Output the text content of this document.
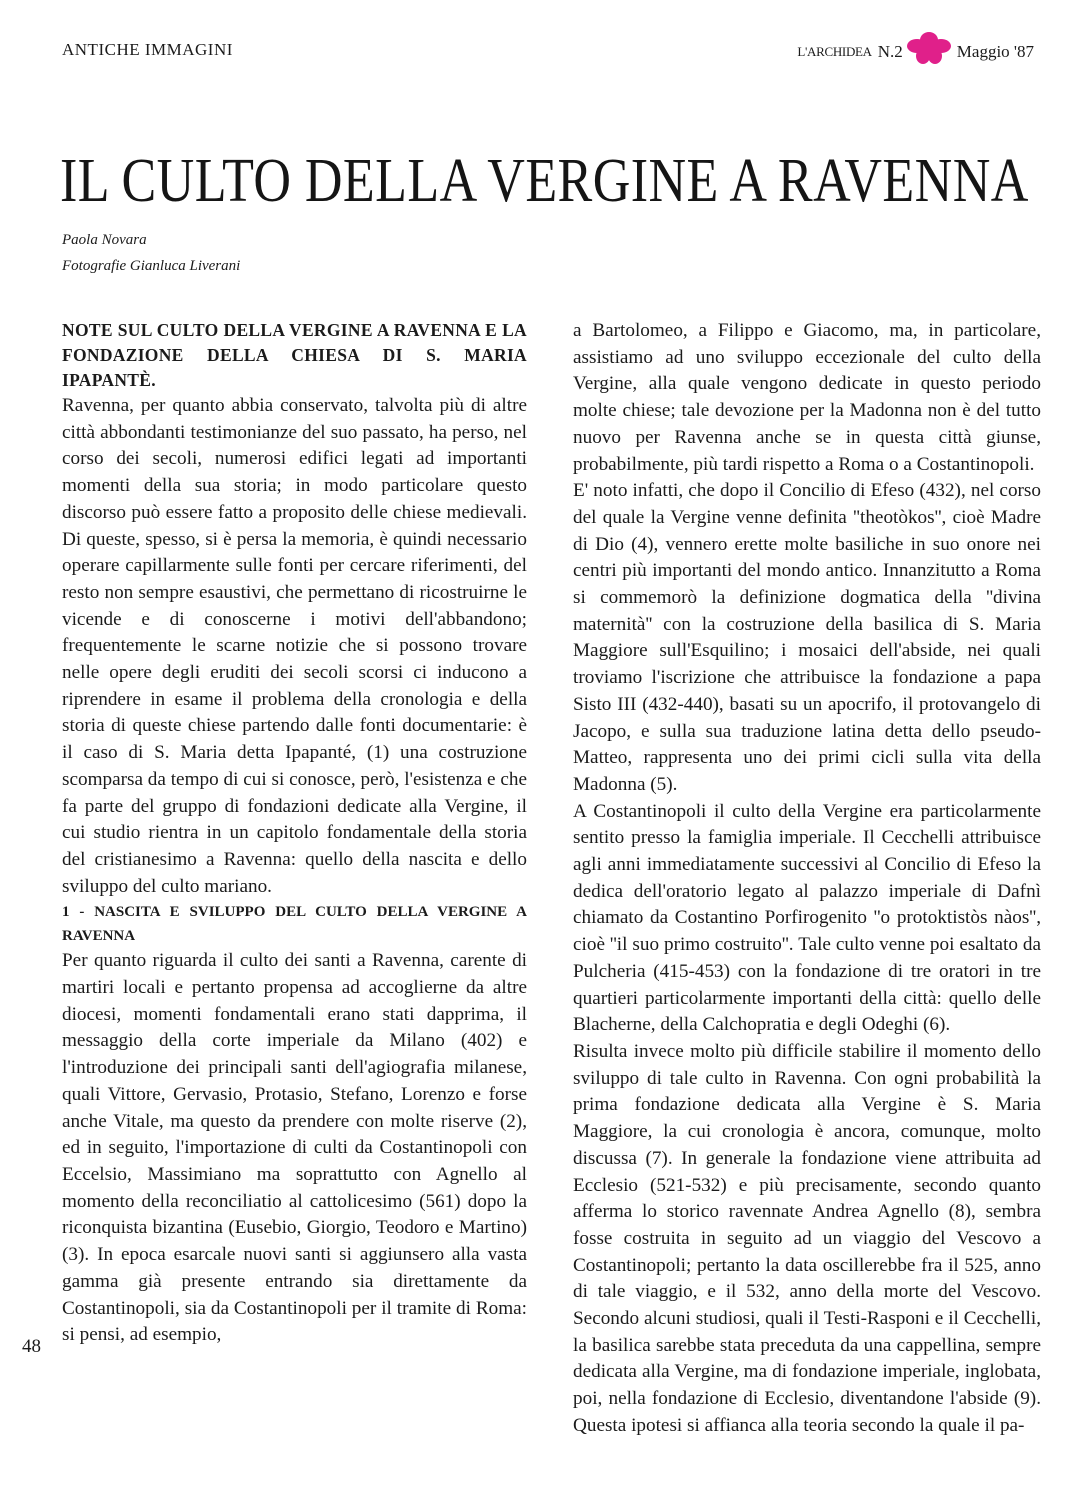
ANTICHE IMMAGINI	L'ARCHIDEA N.2	Maggio '87
IL CULTO DELLA VERGINE A RAVENNA
Paola Novara
Fotografie Gianluca Liverani

NOTE SUL CULTO DELLA VERGINE A RAVENNA E LA FONDAZIONE DELLA CHIESA DI S. MARIA IPAPANTÈ.

Ravenna, per quanto abbia conservato, talvolta più di altre città abbondanti testimonianze del suo passato, ha perso, nel corso dei secoli, numerosi edifici legati ad importanti momenti della sua storia; in modo particolare questo discorso può essere fatto a proposito delle chiese medievali. Di queste, spesso, si è persa la memoria, è quindi necessario operare capillarmente sulle fonti per cercare riferimenti, del resto non sempre esaustivi, che permettano di ricostruirne le vicende e di conoscerne i motivi dell'abbandono; frequentemente le scarne notizie che si possono trovare nelle opere degli eruditi dei secoli scorsi ci inducono a riprendere in esame il problema della cronologia e della storia di queste chiese partendo dalle fonti documentarie: è il caso di S. Maria detta Ipapanté, (1) una costruzione scomparsa da tempo di cui si conosce, però, l'esistenza e che fa parte del gruppo di fondazioni dedicate alla Vergine, il cui studio rientra in un capitolo fondamentale della storia del cristianesimo a Ravenna: quello della nascita e dello sviluppo del culto mariano.

1 - NASCITA E SVILUPPO DEL CULTO DELLA VERGINE A RAVENNA

Per quanto riguarda il culto dei santi a Ravenna, carente di martiri locali e pertanto propensa ad accoglierne da altre diocesi, momenti fondamentali erano stati dapprima, il messaggio della corte imperiale da Milano (402) e l'introduzione dei principali santi dell'agiografia milanese, quali Vittore, Gervasio, Protasio, Stefano, Lorenzo e forse anche Vitale, ma questo da prendere con molte riserve (2), ed in seguito, l'importazione di culti da Costantinopoli con Eccelsio, Massimiano ma soprattutto con Agnello al momento della reconciliatio al cattolicesimo (561) dopo la riconquista bizantina (Eusebio, Giorgio, Teodoro e Martino) (3). In epoca esarcale nuovi santi si aggiunsero alla vasta gamma già presente entrando sia direttamente da Costantinopoli, sia da Costantinopoli per il tramite di Roma: si pensi, ad esempio,

a Bartolomeo, a Filippo e Giacomo, ma, in particolare, assistiamo ad uno sviluppo eccezionale del culto della Vergine, alla quale vengono dedicate in questo periodo molte chiese; tale devozione per la Madonna non è del tutto nuovo per Ravenna anche se in questa città giunse, probabilmente, più tardi rispetto a Roma o a Costantinopoli.

E' noto infatti, che dopo il Concilio di Efeso (432), nel corso del quale la Vergine venne definita ''theotòkos'', cioè Madre di Dio (4), vennero erette molte basiliche in suo onore nei centri più importanti del mondo antico. Innanzitutto a Roma si commemorò la definizione dogmatica della ''divina maternità'' con la costruzione della basilica di S. Maria Maggiore sull'Esquilino; i mosaici dell'abside, nei quali troviamo l'iscrizione che attribuisce la fondazione a papa Sisto III (432-440), basati su un apocrifo, il protovangelo di Jacopo, e sulla sua traduzione latina detta dello pseudo-Matteo, rappresenta uno dei primi cicli sulla vita della Madonna (5).

A Costantinopoli il culto della Vergine era particolarmente sentito presso la famiglia imperiale. Il Cecchelli attribuisce agli anni immediatamente successivi al Concilio di Efeso la dedica dell'oratorio legato al palazzo imperiale di Dafnì chiamato da Costantino Porfirogenito ''o protoktistòs nàos'', cioè ''il suo primo costruito''. Tale culto venne poi esaltato da Pulcheria (415-453) con la fondazione di tre oratori in tre quartieri particolarmente importanti della città: quello delle Blacherne, della Calchopratia e degli Odeghi (6).

Risulta invece molto più difficile stabilire il momento dello sviluppo di tale culto in Ravenna. Con ogni probabilità la prima fondazione dedicata alla Vergine è S. Maria Maggiore, la cui cronologia è ancora, comunque, molto discussa (7). In generale la fondazione viene attribuita ad Ecclesio (521-532) e più precisamente, secondo quanto afferma lo storico ravennate Andrea Agnello (8), sembra fosse costruita in seguito ad un viaggio del Vescovo a Costantinopoli; pertanto la data oscillerebbe fra il 525, anno di tale viaggio, e il 532, anno della morte del Vescovo. Secondo alcuni studiosi, quali il Testi-Rasponi e il Cecchelli, la basilica sarebbe stata preceduta da una cappellina, sempre dedicata alla Vergine, ma di fondazione imperiale, inglobata, poi, nella fondazione di Ecclesio, diventandone l'abside (9). Questa ipotesi si affianca alla teoria secondo la quale il pa-

48
